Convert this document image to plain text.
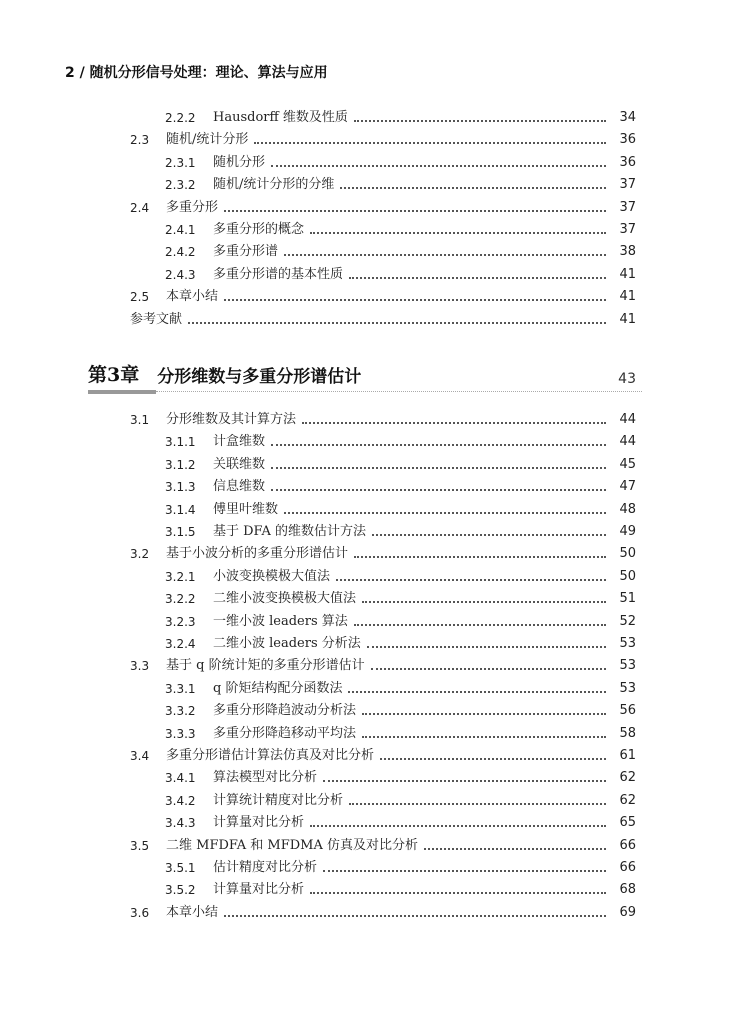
2 / 随机分形信号处理：理论、算法与应用
2.2.2	Hausdorff 维数及性质	34
2.3	随机/统计分形	36
2.3.1	随机分形	36
2.3.2	随机/统计分形的分维	37
2.4	多重分形	37
2.4.1	多重分形的概念	37
2.4.2	多重分形谱	38
2.4.3	多重分形谱的基本性质	41
2.5	本章小结	41
参考文献	41
3.1	分形维数及其计算方法	44
3.1.1	计盒维数	44
3.1.2	关联维数	45
3.1.3	信息维数	47
3.1.4	傅里叶维数	48
3.1.5	基于 DFA 的维数估计方法	49
3.2	基于小波分析的多重分形谱估计	50
3.2.1	小波变换模极大值法	50
3.2.2	二维小波变换模极大值法	51
3.2.3	一维小波 leaders 算法	52
3.2.4	二维小波 leaders 分析法	53
3.3	基于 q 阶统计矩的多重分形谱估计	53
3.3.1	q 阶矩结构配分函数法	53
3.3.2	多重分形降趋波动分析法	56
3.3.3	多重分形降趋移动平均法	58
3.4	多重分形谱估计算法仿真及对比分析	61
3.4.1	算法模型对比分析	62
3.4.2	计算统计精度对比分析	62
3.4.3	计算量对比分析	65
3.5	二维 MFDFA 和 MFDMA 仿真及对比分析	66
3.5.1	估计精度对比分析	66
3.5.2	计算量对比分析	68
3.6	本章小结	69
第3章 分形维数与多重分形谱估计	43
